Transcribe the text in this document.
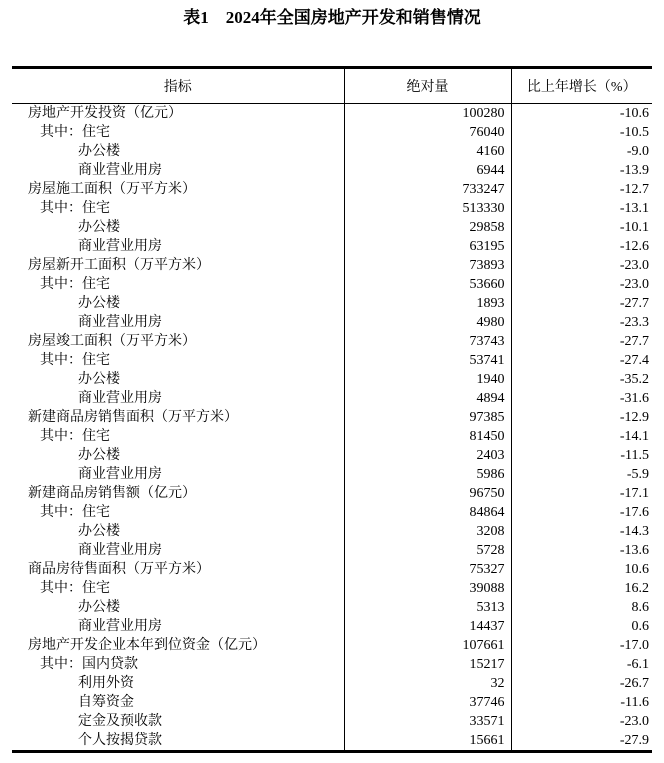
表1　2024年全国房地产开发和销售情况
指标	绝对量	比上年增长（%）
房地产开发投资（亿元）	100280	-10.6
其中：住宅	76040	-10.5
办公楼	4160	-9.0
商业营业用房	6944	-13.9
房屋施工面积（万平方米）	733247	-12.7
其中：住宅	513330	-13.1
办公楼	29858	-10.1
商业营业用房	63195	-12.6
房屋新开工面积（万平方米）	73893	-23.0
其中：住宅	53660	-23.0
办公楼	1893	-27.7
商业营业用房	4980	-23.3
房屋竣工面积（万平方米）	73743	-27.7
其中：住宅	53741	-27.4
办公楼	1940	-35.2
商业营业用房	4894	-31.6
新建商品房销售面积（万平方米）	97385	-12.9
其中：住宅	81450	-14.1
办公楼	2403	-11.5
商业营业用房	5986	-5.9
新建商品房销售额（亿元）	96750	-17.1
其中：住宅	84864	-17.6
办公楼	3208	-14.3
商业营业用房	5728	-13.6
商品房待售面积（万平方米）	75327	10.6
其中：住宅	39088	16.2
办公楼	5313	8.6
商业营业用房	14437	0.6
房地产开发企业本年到位资金（亿元）	107661	-17.0
其中：国内贷款	15217	-6.1
利用外资	32	-26.7
自筹资金	37746	-11.6
定金及预收款	33571	-23.0
个人按揭贷款	15661	-27.9
